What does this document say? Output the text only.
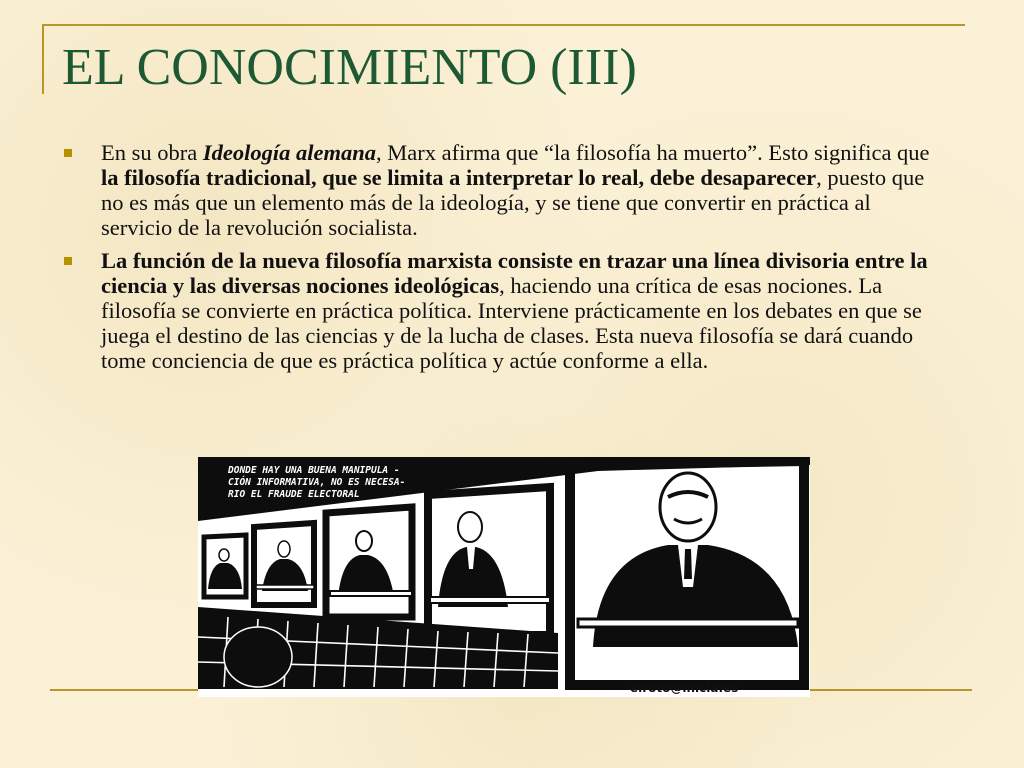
EL CONOCIMIENTO (III)
En su obra Ideología alemana, Marx afirma que “la filosofía ha muerto”. Esto significa que la filosofía tradicional, que se limita a interpretar lo real, debe desaparecer, puesto que no es más que un elemento más de la ideología, y se tiene que convertir en práctica al servicio de la revolución socialista.
La función de la nueva filosofía marxista consiste en trazar una línea divisoria entre la ciencia y las diversas nociones ideológicas, haciendo una crítica de esas nociones. La filosofía se convierte en práctica política. Interviene prácticamente en los debates en que se juega el destino de las ciencias y de la lucha de clases. Esta nueva filosofía se dará cuando tome conciencia de que es práctica política y actúe conforme a ella.
DONDE HAY UNA BUENA MANIPULA -
CIÓN INFORMATIVA, NO ES NECESA-
RIO EL FRAUDE ELECTORAL
elroto@inicia.es
